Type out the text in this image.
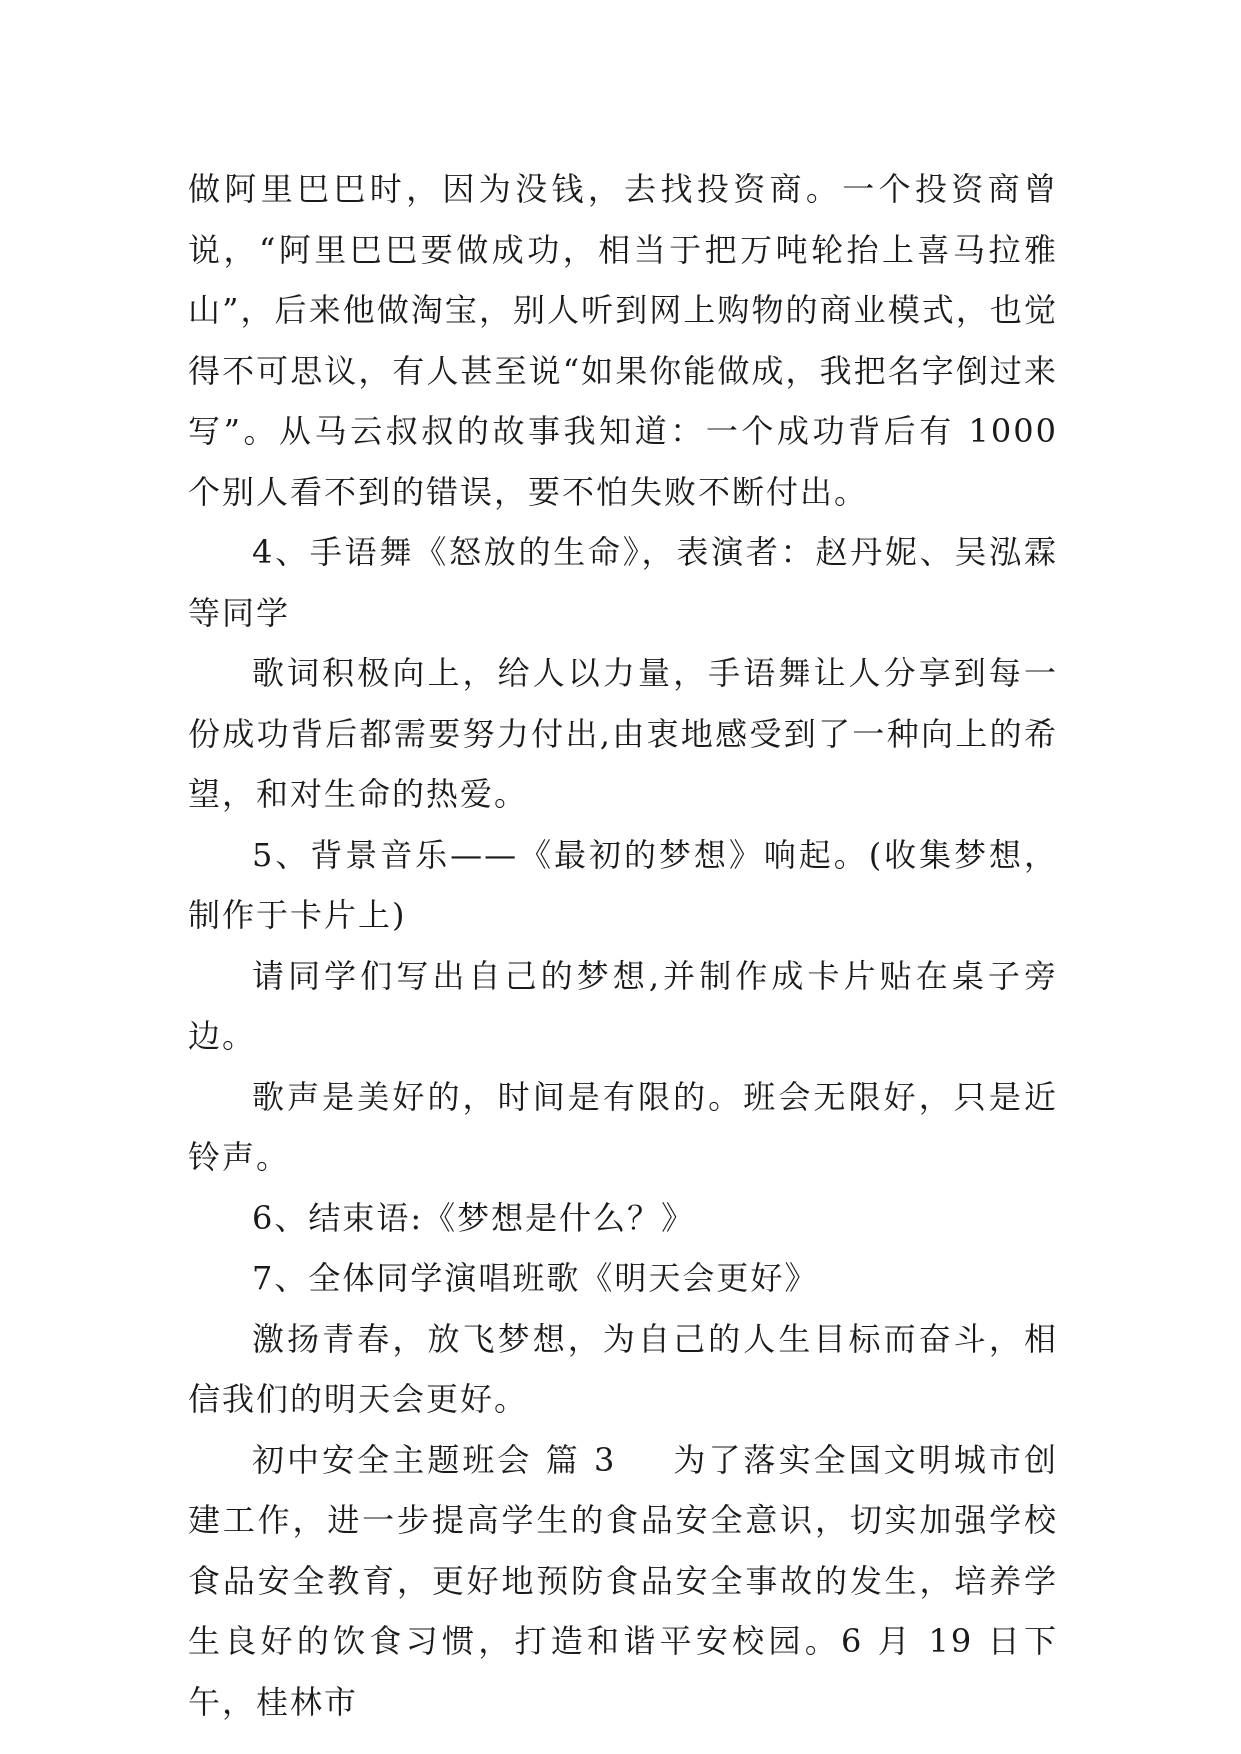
做阿里巴巴时，因为没钱，去找投资商。一个投资商曾说，“阿里巴巴要做成功，相当于把万吨轮抬上喜马拉雅山”，后来他做淘宝，别人听到网上购物的商业模式，也觉得不可思议，有人甚至说“如果你能做成，我把名字倒过来写”。从马云叔叔的故事我知道：一个成功背后有 1000 个别人看不到的错误，要不怕失败不断付出。

4、手语舞《怒放的生命》，表演者：赵丹妮、吴泓霖等同学

歌词积极向上，给人以力量，手语舞让人分享到每一份成功背后都需要努力付出,由衷地感受到了一种向上的希望，和对生命的热爱。

5、背景音乐——《最初的梦想》响起。(收集梦想，制作于卡片上)

请同学们写出自己的梦想,并制作成卡片贴在桌子旁边。

歌声是美好的，时间是有限的。班会无限好，只是近铃声。

6、结束语:《梦想是什么？》

7、全体同学演唱班歌《明天会更好》

激扬青春，放飞梦想，为自己的人生目标而奋斗，相信我们的明天会更好。

初中安全主题班会 篇 3 为了落实全国文明城市创建工作，进一步提高学生的食品安全意识，切实加强学校食品安全教育，更好地预防食品安全事故的发生，培养学生良好的饮食习惯，打造和谐平安校园。6 月 19 日下午，桂林市
